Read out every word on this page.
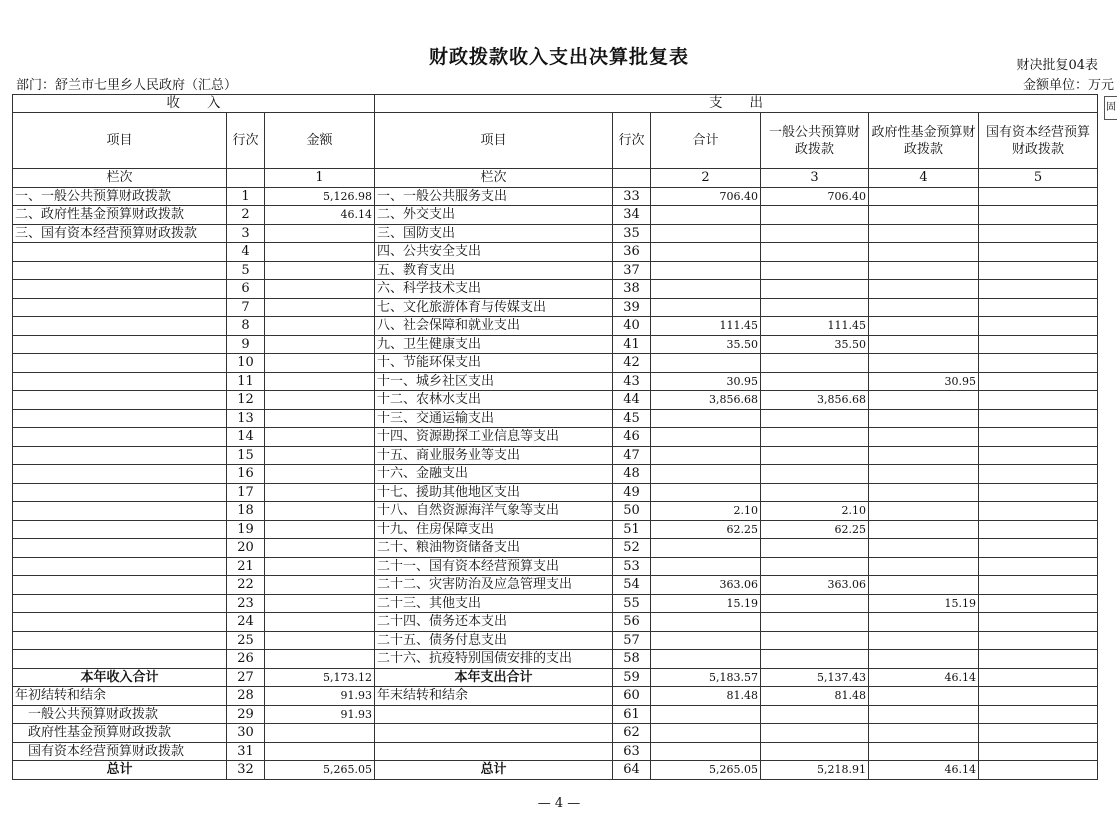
财政拨款收入支出决算批复表	财决批复04表
部门：舒兰市七里乡人民政府（汇总）	金额单位：万元
固
收　　入			支　　出					
项目	行次	金额	项目	行次	合计	一般公共预算财政拨款	政府性基金预算财政拨款	国有资本经营预算财政拨款
栏次		1	栏次		2	3	4	5
一、一般公共预算财政拨款	1	5,126.98	一、一般公共服务支出	33	706.40	706.40		
二、政府性基金预算财政拨款	2	46.14	二、外交支出	34				
三、国有资本经营预算财政拨款	3		三、国防支出	35				
	4		四、公共安全支出	36				
	5		五、教育支出	37				
	6		六、科学技术支出	38				
	7		七、文化旅游体育与传媒支出	39				
	8		八、社会保障和就业支出	40	111.45	111.45		
	9		九、卫生健康支出	41	35.50	35.50		
	10		十、节能环保支出	42				
	11		十一、城乡社区支出	43	30.95		30.95	
	12		十二、农林水支出	44	3,856.68	3,856.68		
	13		十三、交通运输支出	45				
	14		十四、资源勘探工业信息等支出	46				
	15		十五、商业服务业等支出	47				
	16		十六、金融支出	48				
	17		十七、援助其他地区支出	49				
	18		十八、自然资源海洋气象等支出	50	2.10	2.10		
	19		十九、住房保障支出	51	62.25	62.25		
	20		二十、粮油物资储备支出	52				
	21		二十一、国有资本经营预算支出	53				
	22		二十二、灾害防治及应急管理支出	54	363.06	363.06		
	23		二十三、其他支出	55	15.19		15.19	
	24		二十四、债务还本支出	56				
	25		二十五、债务付息支出	57				
	26		二十六、抗疫特别国债安排的支出	58				
本年收入合计	27	5,173.12	本年支出合计	59	5,183.57	5,137.43	46.14	
年初结转和结余	28	91.93	年末结转和结余	60	81.48	81.48		
　一般公共预算财政拨款	29	91.93		61				
　政府性基金预算财政拨款	30			62				
　国有资本经营预算财政拨款	31			63				
总计	32	5,265.05	总计	64	5,265.05	5,218.91	46.14	
— 4 —
